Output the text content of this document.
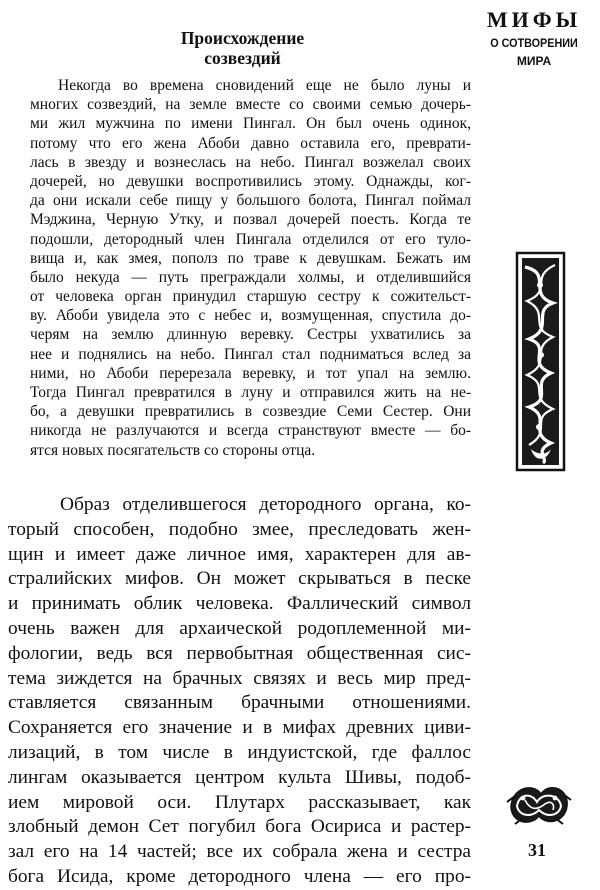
МИФЫ
О СОТВОРЕНИИ
МИРА
Происхождение
созвездий
Некогда во времена сновидений еще не было луны и
многих созвездий, на земле вместе со своими семью дочерь-
ми жил мужчина по имени Пингал. Он был очень одинок,
потому что его жена Абоби давно оставила его, преврати-
лась в звезду и вознеслась на небо. Пингал возжелал своих
дочерей, но девушки воспротивились этому. Однажды, ког-
да они искали себе пищу у большого болота, Пингал поймал
Мэджина, Черную Утку, и позвал дочерей поесть. Когда те
подошли, детородный член Пингала отделился от его туло-
вища и, как змея, пополз по траве к девушкам. Бежать им
было некуда — путь преграждали холмы, и отделившийся
от человека орган принудил старшую сестру к сожительст-
ву. Абоби увидела это с небес и, возмущенная, спустила до-
черям на землю длинную веревку. Сестры ухватились за
нее и поднялись на небо. Пингал стал подниматься вслед за
ними, но Абоби перерезала веревку, и тот упал на землю.
Тогда Пингал превратился в луну и отправился жить на не-
бо, а девушки превратились в созвездие Семи Сестер. Они
никогда не разлучаются и всегда странствуют вместе — бо-
ятся новых посягательств со стороны отца.
Образ отделившегося детородного органа, ко-
торый способен, подобно змее, преследовать жен-
щин и имеет даже личное имя, характерен для ав-
стралийских мифов. Он может скрываться в песке
и принимать облик человека. Фаллический символ
очень важен для архаической родоплеменной ми-
фологии, ведь вся первобытная общественная сис-
тема зиждется на брачных связях и весь мир пред-
ставляется связанным брачными отношениями.
Сохраняется его значение и в мифах древних циви-
лизаций, в том числе в индуистской, где фаллос
лингам оказывается центром культа Шивы, подоб-
ием мировой оси. Плутарх рассказывает, как
злобный демон Сет погубил бога Осириса и растер-
зал его на 14 частей; все их собрала жена и сестра
бога Исида, кроме детородного члена — его про-
31
